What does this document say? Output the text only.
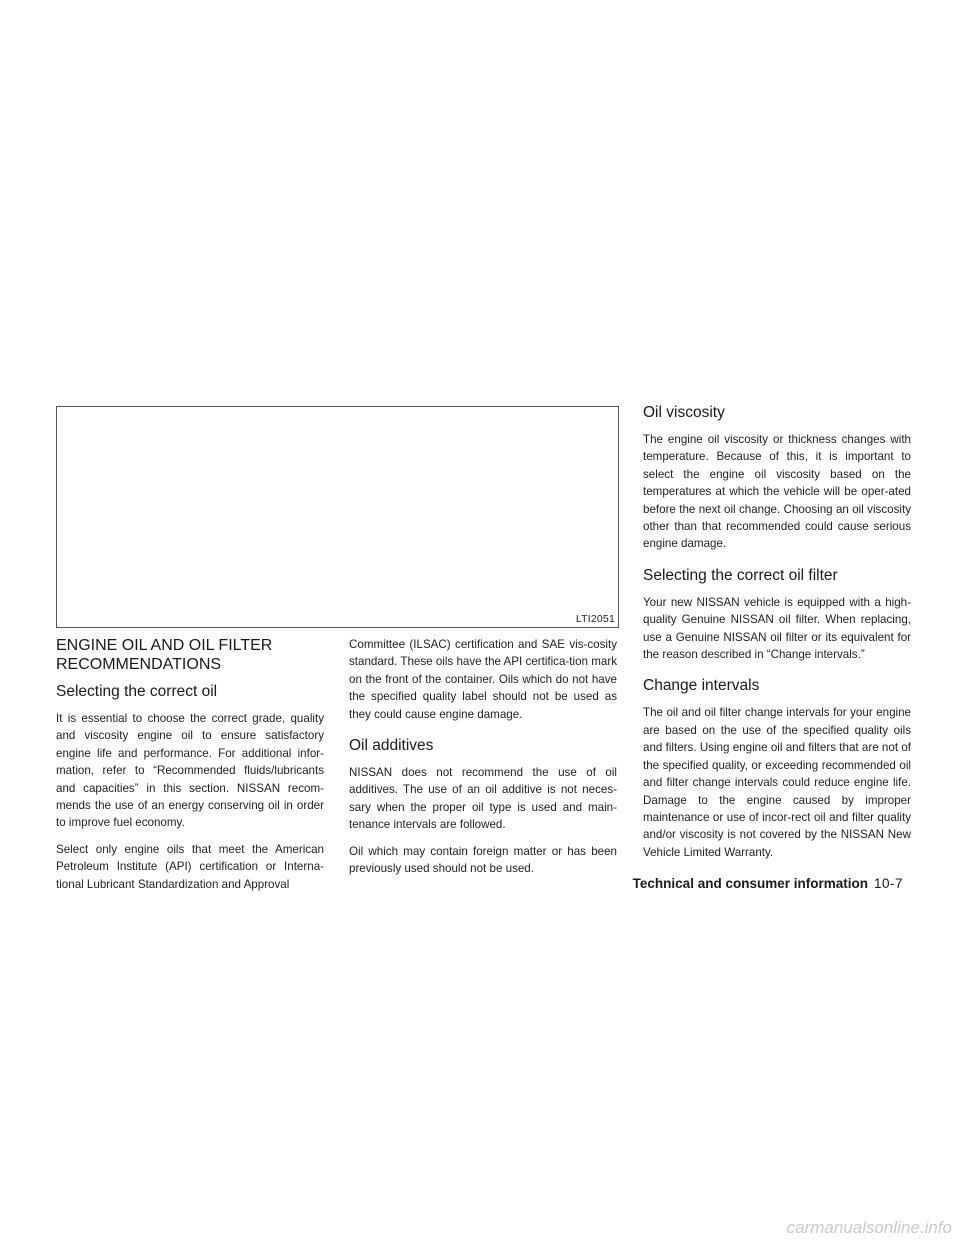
LTI2051
ENGINE OIL AND OIL FILTER RECOMMENDATIONS
Selecting the correct oil

It is essential to choose the correct grade, quality and viscosity engine oil to ensure satisfactory engine life and performance. For additional infor-mation, refer to “Recommended fluids/lubricants and capacities” in this section. NISSAN recom-mends the use of an energy conserving oil in order to improve fuel economy.

Select only engine oils that meet the American Petroleum Institute (API) certification or Interna-tional Lubricant Standardization and Approval

Committee (ILSAC) certification and SAE vis-cosity standard. These oils have the API certifica-tion mark on the front of the container. Oils which do not have the specified quality label should not be used as they could cause engine damage.

Oil additives

NISSAN does not recommend the use of oil additives. The use of an oil additive is not neces-sary when the proper oil type is used and main-tenance intervals are followed.

Oil which may contain foreign matter or has been previously used should not be used.

Oil viscosity

The engine oil viscosity or thickness changes with temperature. Because of this, it is important to select the engine oil viscosity based on the temperatures at which the vehicle will be oper-ated before the next oil change. Choosing an oil viscosity other than that recommended could cause serious engine damage.

Selecting the correct oil filter

Your new NISSAN vehicle is equipped with a high-quality Genuine NISSAN oil filter. When replacing, use a Genuine NISSAN oil filter or its equivalent for the reason described in “Change intervals.”

Change intervals

The oil and oil filter change intervals for your engine are based on the use of the specified quality oils and filters. Using engine oil and filters that are not of the specified quality, or exceeding recommended oil and filter change intervals could reduce engine life. Damage to the engine caused by improper maintenance or use of incor-rect oil and filter quality and/or viscosity is not covered by the NISSAN New Vehicle Limited Warranty.

Technical and consumer information 10-7
carmanualsonline.info
